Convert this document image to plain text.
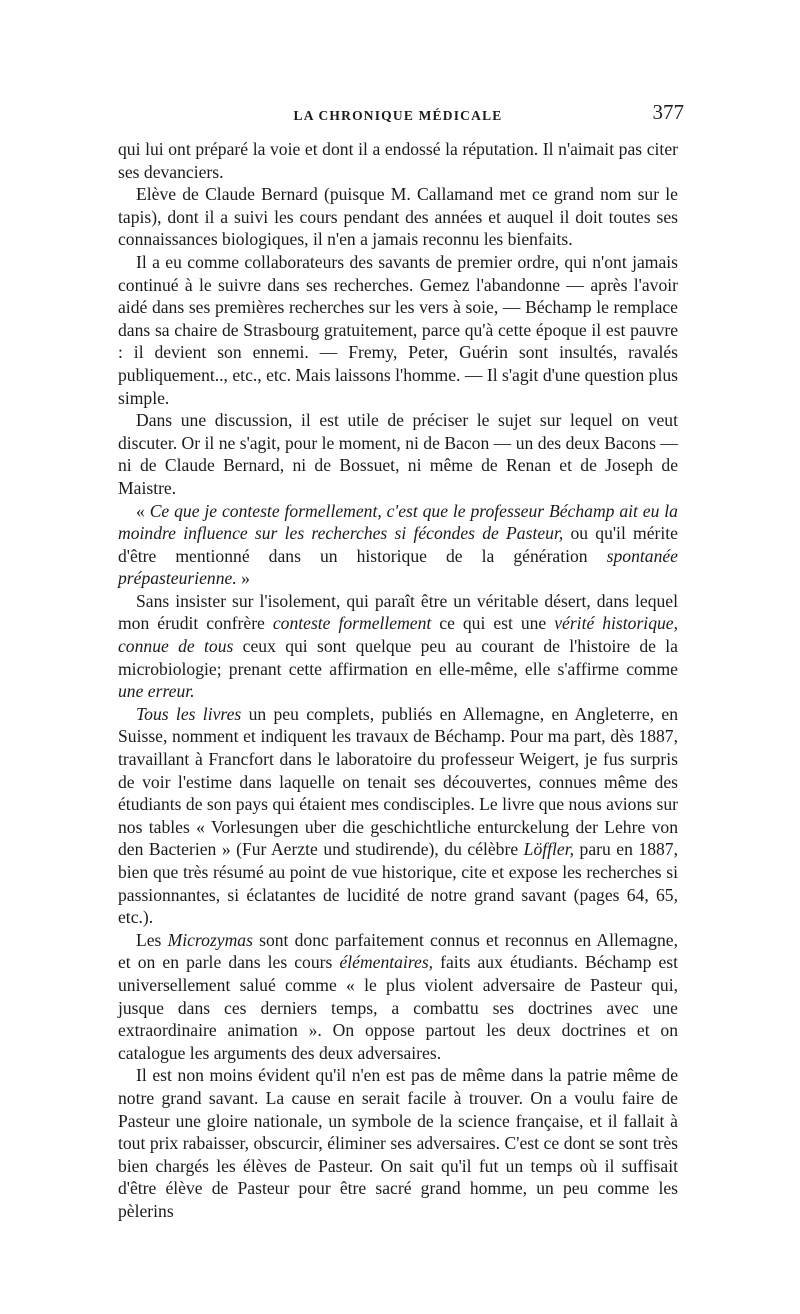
LA CHRONIQUE MÉDICALE	377

qui lui ont préparé la voie et dont il a endossé la réputation. Il n'aimait pas citer ses devanciers.

Elève de Claude Bernard (puisque M. Callamand met ce grand nom sur le tapis), dont il a suivi les cours pendant des années et auquel il doit toutes ses connaissances biologiques, il n'en a jamais reconnu les bienfaits.

Il a eu comme collaborateurs des savants de premier ordre, qui n'ont jamais continué à le suivre dans ses recherches. Gemez l'abandonne — après l'avoir aidé dans ses premières recherches sur les vers à soie, — Béchamp le remplace dans sa chaire de Strasbourg gratuitement, parce qu'à cette époque il est pauvre : il devient son ennemi. — Fremy, Peter, Guérin sont insultés, ravalés publiquement.., etc., etc. Mais laissons l'homme. — Il s'agit d'une question plus simple.

Dans une discussion, il est utile de préciser le sujet sur lequel on veut discuter. Or il ne s'agit, pour le moment, ni de Bacon — un des deux Bacons — ni de Claude Bernard, ni de Bossuet, ni même de Renan et de Joseph de Maistre.

« Ce que je conteste formellement, c'est que le professeur Béchamp ait eu la moindre influence sur les recherches si fécondes de Pasteur, ou qu'il mérite d'être mentionné dans un historique de la génération spontanée prépasteurienne. »

Sans insister sur l'isolement, qui paraît être un véritable désert, dans lequel mon érudit confrère conteste formellement ce qui est une vérité historique, connue de tous ceux qui sont quelque peu au courant de l'histoire de la microbiologie; prenant cette affirmation en elle-même, elle s'affirme comme une erreur.

Tous les livres un peu complets, publiés en Allemagne, en Angleterre, en Suisse, nomment et indiquent les travaux de Béchamp. Pour ma part, dès 1887, travaillant à Francfort dans le laboratoire du professeur Weigert, je fus surpris de voir l'estime dans laquelle on tenait ses découvertes, connues même des étudiants de son pays qui étaient mes condisciples. Le livre que nous avions sur nos tables « Vorlesungen uber die geschichtliche enturckelung der Lehre von den Bacterien » (Fur Aerzte und studirende), du célèbre Löffler, paru en 1887, bien que très résumé au point de vue historique, cite et expose les recherches si passionnantes, si éclatantes de lucidité de notre grand savant (pages 64, 65, etc.).

Les Microzymas sont donc parfaitement connus et reconnus en Allemagne, et on en parle dans les cours élémentaires, faits aux étudiants. Béchamp est universellement salué comme « le plus violent adversaire de Pasteur qui, jusque dans ces derniers temps, a combattu ses doctrines avec une extraordinaire animation ». On oppose partout les deux doctrines et on catalogue les arguments des deux adversaires.

Il est non moins évident qu'il n'en est pas de même dans la patrie même de notre grand savant. La cause en serait facile à trouver. On a voulu faire de Pasteur une gloire nationale, un symbole de la science française, et il fallait à tout prix rabaisser, obscurcir, éliminer ses adversaires. C'est ce dont se sont très bien chargés les élèves de Pasteur. On sait qu'il fut un temps où il suffisait d'être élève de Pasteur pour être sacré grand homme, un peu comme les pèlerins
